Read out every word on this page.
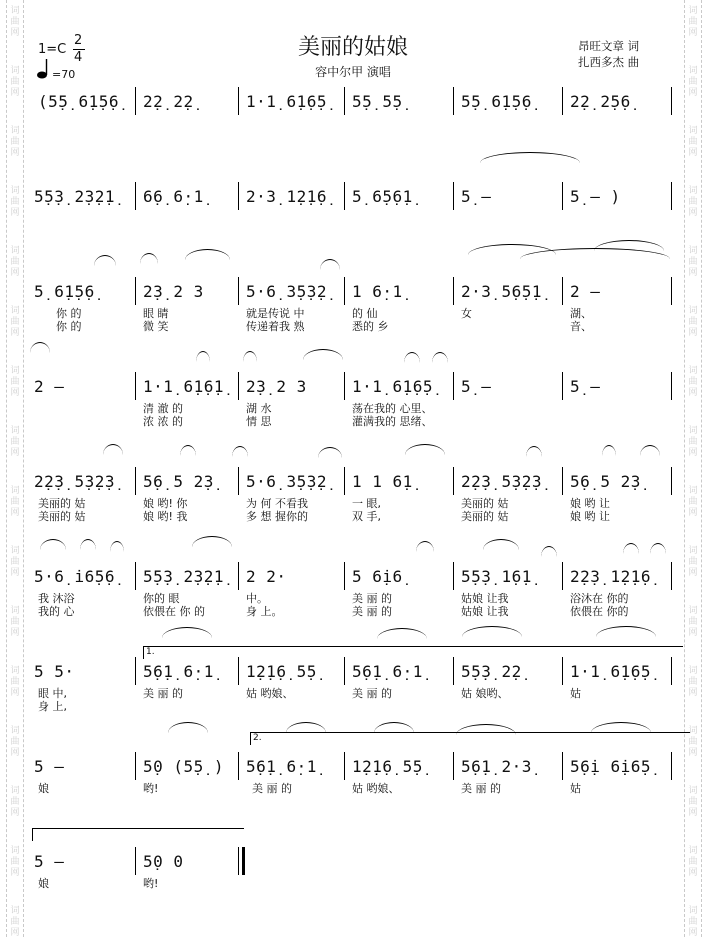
词
曲
网
词
曲
网
词
曲
网
词
曲
网
词
曲
网
词
曲
网
词
曲
网
词
曲
网
词
曲
网
词
曲
网
词
曲
网
词
曲
网
词
曲
网
词
曲
网
词
曲
网
词
曲
网
词
曲
网
词
曲
网
词
曲
网
词
曲
网
词
曲
网
词
曲
网
词
曲
网
词
曲
网
词
曲
网
词
曲
网
词
曲
网
词
曲
网
词
曲
网
词
曲
网
词
曲
网
词
曲
网
美丽的姑娘
容中尔甲 演唱
1=C
2
4
=70
昂旺文章 词
扎西多杰 曲
(5̣5̣ 6̣1̣5̣6̣ 2̣2̣ 2̣2̣	1·1̣ 6̣1̣6̣5̣ 5̣5̣ 5̣5̣	5̣5̣ 6̣1̣5̣6̣ 2̣2̣ 2̣5̣6̣
5̣5̣3̣ 2̣3̣2̣1̣ 6̣6̣ 6̣·1̣	2·3̣ 1̣2̣1̣6̣ 5̣ 6̣5̣6̣1̣	5̣ –	5̣ – )
5̣ 6̣1̣5̣6̣	2̣3̣ 2 3	5·6̣ 3̣5̣3̣2̣ 1 6̣·1̣	2·3̣ 5̣6̣5̣1̣ 2 –
你 的	眼 睛	就是传说 中	的 仙	女	湖、
你 的	微 笑	传递着我 熟	悉的 乡	音、
2 –	1·1̣ 6̣1̣6̣1̣ 2̣3̣ 2 3	1·1̣ 6̣1̣6̣5̣ 5̣ –	5̣ –
清 澈 的	湖 水	荡在我的 心里、
浓 浓 的	情 思	灌满我的 思绪、
2̣2̣3̣ 5̣3̣2̣3̣ 5̣6̣ 5 2̣3̣ 5·6̣ 3̣5̣3̣2̣ 1 1 6̣1̣	2̣2̣3̣ 5̣3̣2̣3̣ 5̣6̣ 5 2̣3̣
美丽的 姑	娘 哟! 你	为 何 不看我	一 眼,	美丽的 姑	娘 哟 让
美丽的 姑	娘 哟! 我	多 想 握你的	双 手,	美丽的 姑	娘 哟 让
5·6̣ i̇6̣5̣6̣ 5̣5̣3̣ 2̣3̣2̣1̣ 2 2·	5 6̣i̇6̣	5̣5̣3̣ 1̣6̣1̣ 2̣2̣3̣ 1̣2̣1̣6̣
我 沐浴	你的 眼	中。	美 丽 的	姑娘 让我	浴沐在 你的
我的 心	依偎在 你 的	身 上。	美 丽 的	姑娘 让我	依偎在 你的
5 5·	5̣6̣1̣ 6̣·1̣ 1̣2̣1̣6̣ 5̣5̣ 5̣6̣1̣ 6̣·1̣ 5̣5̣3̣ 2̣2̣	1·1̣ 6̣1̣6̣5̣
眼 中,	美 丽 的	姑 哟娘、	美 丽 的	姑 娘哟、	姑
身 上,
5 –	5̣0 (5̣5̣ ) 5̣6̣1̣ 6̣·1̣ 1̣2̣1̣6̣ 5̣5̣ 5̣6̣1̣ 2·3̣ 5̣6̣i̇ 6̣i̇6̣5̣
娘	哟!	美 丽 的	姑 哟娘、	美 丽 的	姑
5 –	5̣0 0
娘	哟!
1.
2.
